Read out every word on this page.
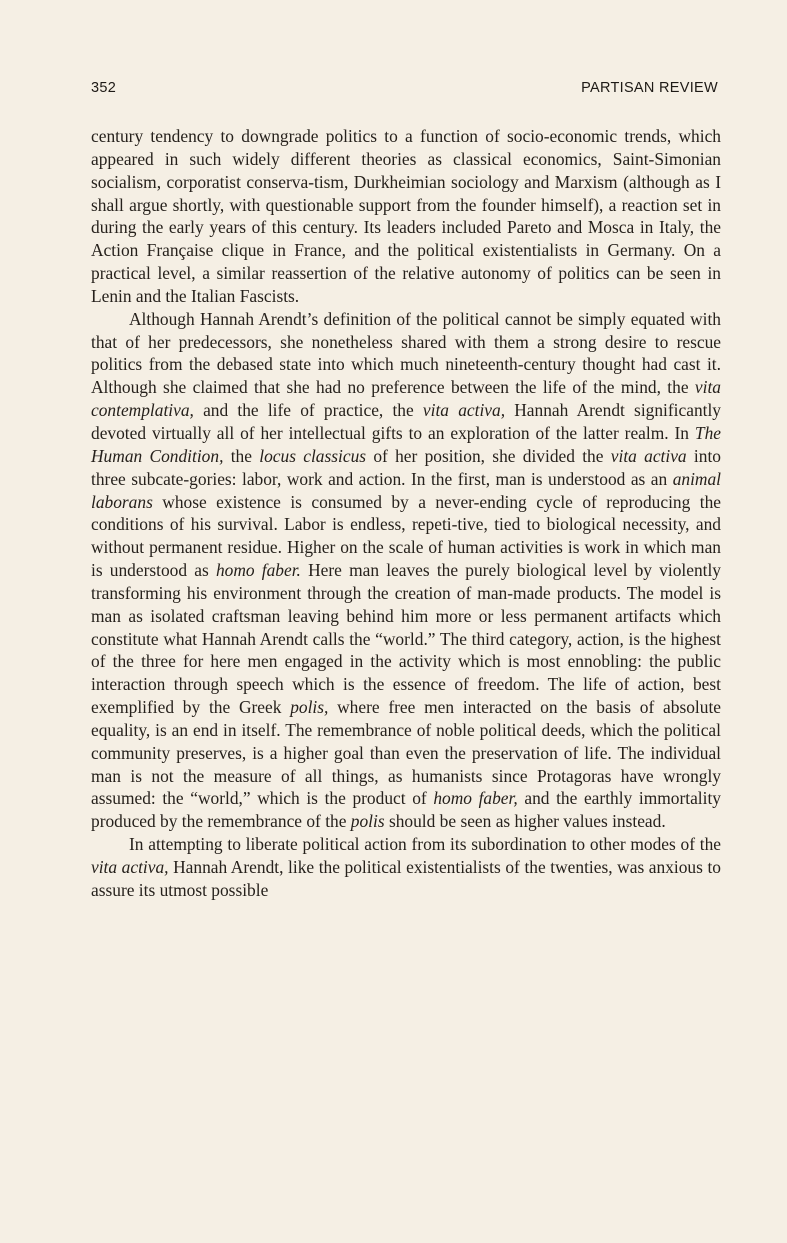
352	PARTISAN REVIEW

century tendency to downgrade politics to a function of socio-economic trends, which appeared in such widely different theories as classical economics, Saint-Simonian socialism, corporatist conserva-tism, Durkheimian sociology and Marxism (although as I shall argue shortly, with questionable support from the founder himself), a reaction set in during the early years of this century. Its leaders included Pareto and Mosca in Italy, the Action Française clique in France, and the political existentialists in Germany. On a practical level, a similar reassertion of the relative autonomy of politics can be seen in Lenin and the Italian Fascists.

Although Hannah Arendt’s definition of the political cannot be simply equated with that of her predecessors, she nonetheless shared with them a strong desire to rescue politics from the debased state into which much nineteenth-century thought had cast it. Although she claimed that she had no preference between the life of the mind, the vita contemplativa, and the life of practice, the vita activa, Hannah Arendt significantly devoted virtually all of her intellectual gifts to an exploration of the latter realm. In The Human Condition, the locus classicus of her position, she divided the vita activa into three subcate-gories: labor, work and action. In the first, man is understood as an animal laborans whose existence is consumed by a never-ending cycle of reproducing the conditions of his survival. Labor is endless, repeti-tive, tied to biological necessity, and without permanent residue. Higher on the scale of human activities is work in which man is understood as homo faber. Here man leaves the purely biological level by violently transforming his environment through the creation of man-made products. The model is man as isolated craftsman leaving behind him more or less permanent artifacts which constitute what Hannah Arendt calls the “world.” The third category, action, is the highest of the three for here men engaged in the activity which is most ennobling: the public interaction through speech which is the essence of freedom. The life of action, best exemplified by the Greek polis, where free men interacted on the basis of absolute equality, is an end in itself. The remembrance of noble political deeds, which the political community preserves, is a higher goal than even the preservation of life. The individual man is not the measure of all things, as humanists since Protagoras have wrongly assumed: the “world,” which is the product of homo faber, and the earthly immortality produced by the remembrance of the polis should be seen as higher values instead.

In attempting to liberate political action from its subordination to other modes of the vita activa, Hannah Arendt, like the political existentialists of the twenties, was anxious to assure its utmost possible
